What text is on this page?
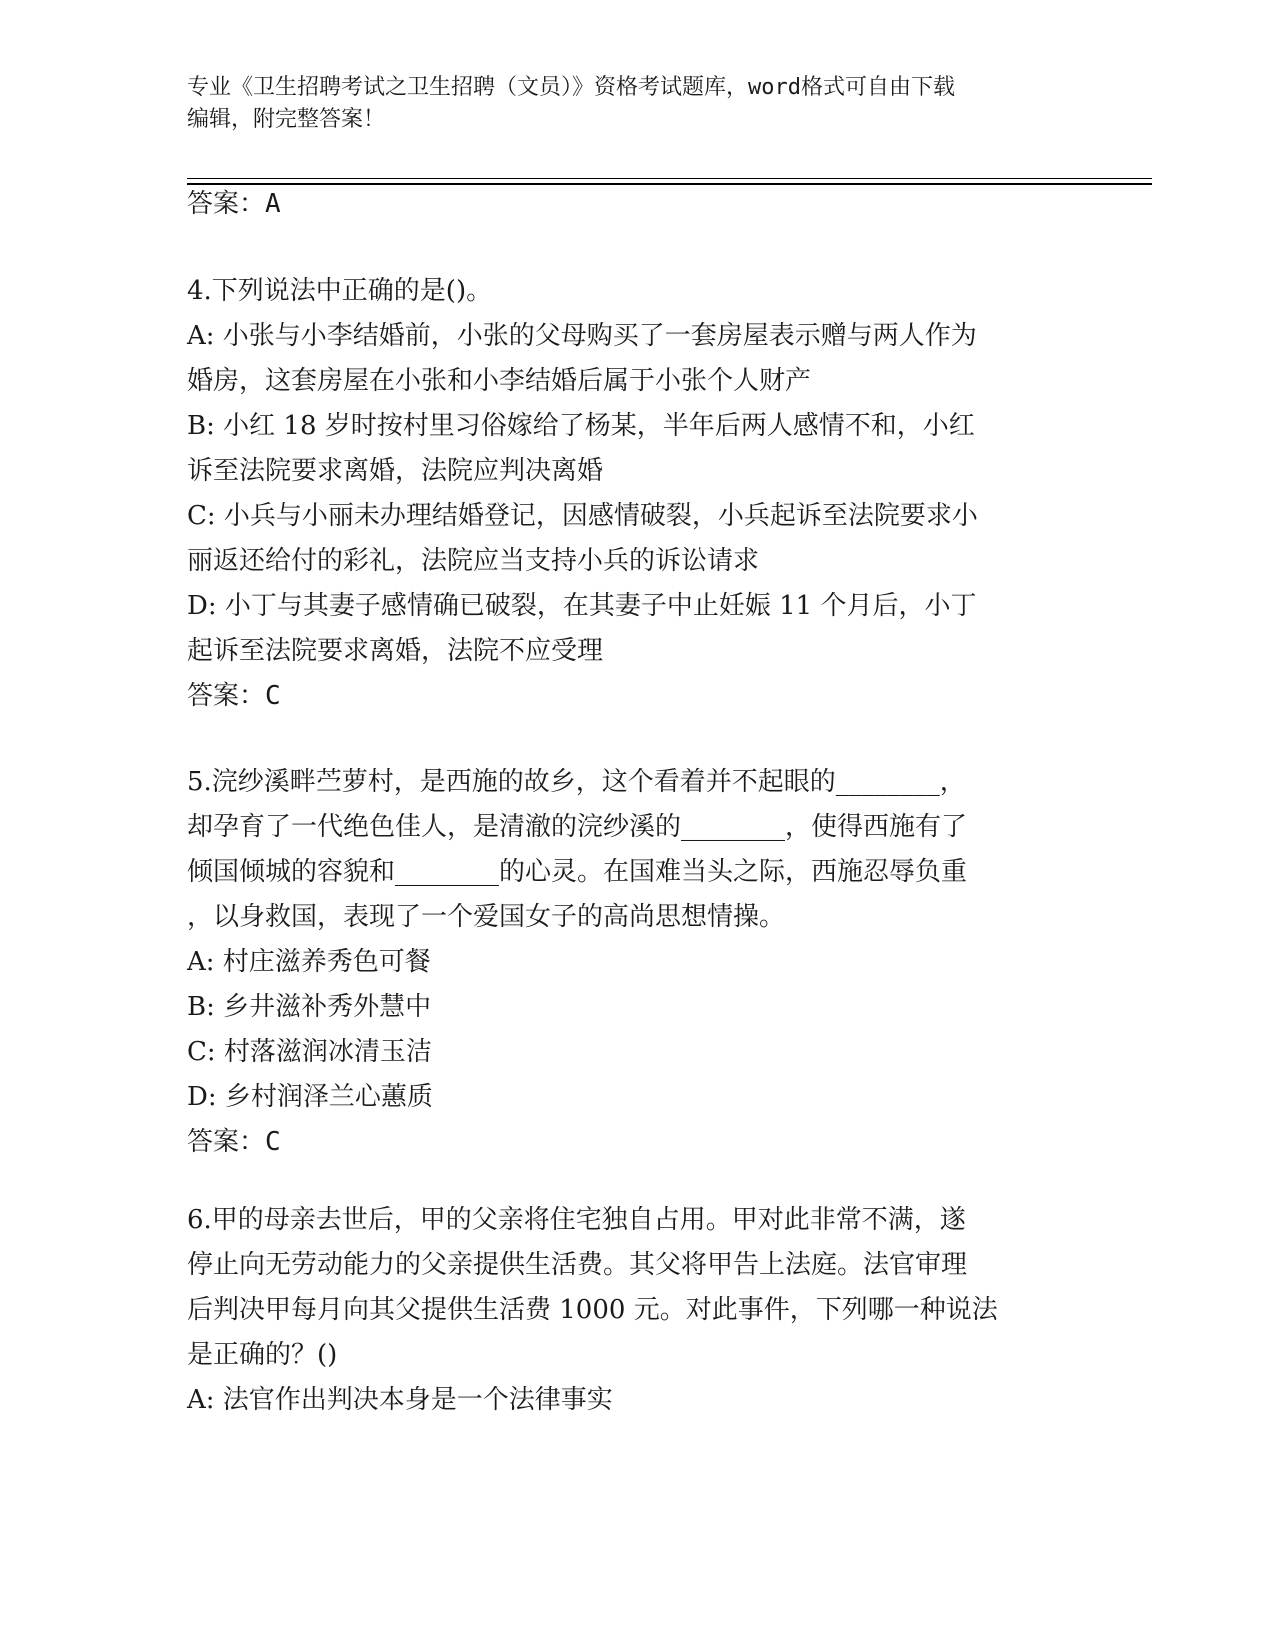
专业《卫生招聘考试之卫生招聘（文员）》资格考试题库，word格式可自由下载
编辑，附完整答案！
答案：A
4.下列说法中正确的是()。
A: 小张与小李结婚前，小张的父母购买了一套房屋表示赠与两人作为
婚房，这套房屋在小张和小李结婚后属于小张个人财产
B: 小红 18 岁时按村里习俗嫁给了杨某，半年后两人感情不和，小红
诉至法院要求离婚，法院应判决离婚
C: 小兵与小丽未办理结婚登记，因感情破裂，小兵起诉至法院要求小
丽返还给付的彩礼，法院应当支持小兵的诉讼请求
D: 小丁与其妻子感情确已破裂，在其妻子中止妊娠 11 个月后，小丁
起诉至法院要求离婚，法院不应受理
答案：C
5.浣纱溪畔苎萝村，是西施的故乡，这个看着并不起眼的________，
却孕育了一代绝色佳人，是清澈的浣纱溪的________，使得西施有了
倾国倾城的容貌和________的心灵。在国难当头之际，西施忍辱负重
，以身救国，表现了一个爱国女子的高尚思想情操。
A: 村庄滋养秀色可餐
B: 乡井滋补秀外慧中
C: 村落滋润冰清玉洁
D: 乡村润泽兰心蕙质
答案：C
6.甲的母亲去世后，甲的父亲将住宅独自占用。甲对此非常不满，遂
停止向无劳动能力的父亲提供生活费。其父将甲告上法庭。法官审理
后判决甲每月向其父提供生活费 1000 元。对此事件，下列哪一种说法
是正确的？()
A: 法官作出判决本身是一个法律事实
